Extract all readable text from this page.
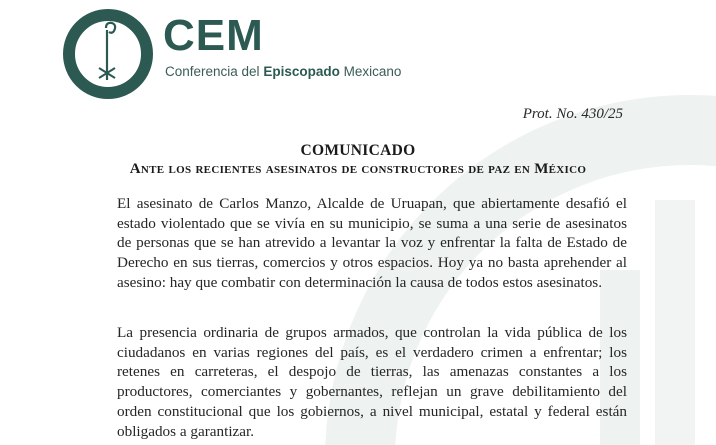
CEM
Conferencia del Episcopado Mexicano
Prot. No. 430/25
COMUNICADO
Ante los recientes asesinatos de constructores de paz en México
El asesinato de Carlos Manzo, Alcalde de Uruapan, que abiertamente desafió el estado violentado que se vivía en su municipio, se suma a una serie de asesinatos de personas que se han atrevido a levantar la voz y enfrentar la falta de Estado de Derecho en sus tierras, comercios y otros espacios. Hoy ya no basta aprehender al asesino: hay que combatir con determinación la causa de todos estos asesinatos.
La presencia ordinaria de grupos armados, que controlan la vida pública de los ciudadanos en varias regiones del país, es el verdadero crimen a enfrentar; los retenes en carreteras, el despojo de tierras, las amenazas constantes a los productores, comerciantes y gobernantes, reflejan un grave debilitamiento del orden constitucional que los gobiernos, a nivel municipal, estatal y federal están obligados a garantizar.
